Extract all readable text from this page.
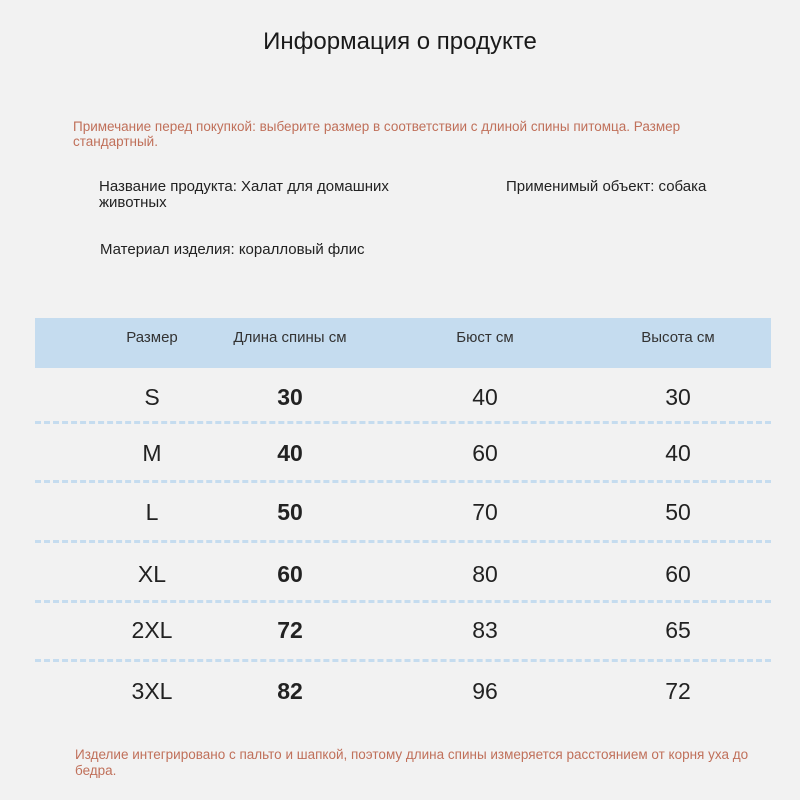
Информация о продукте
Примечание перед покупкой: выберите размер в соответствии с длиной спины питомца. Размер стандартный.
Название продукта: Халат для домашних животных
Применимый объект: собака
Материал изделия: коралловый флис
Размер	Длина спины см	Бюст см	Высота см
S	30	40	30
M	40	60	40
L	50	70	50
XL	60	80	60
2XL	72	83	65
3XL	82	96	72
Изделие интегрировано с пальто и шапкой, поэтому длина спины измеряется расстоянием от корня уха до бедра.
